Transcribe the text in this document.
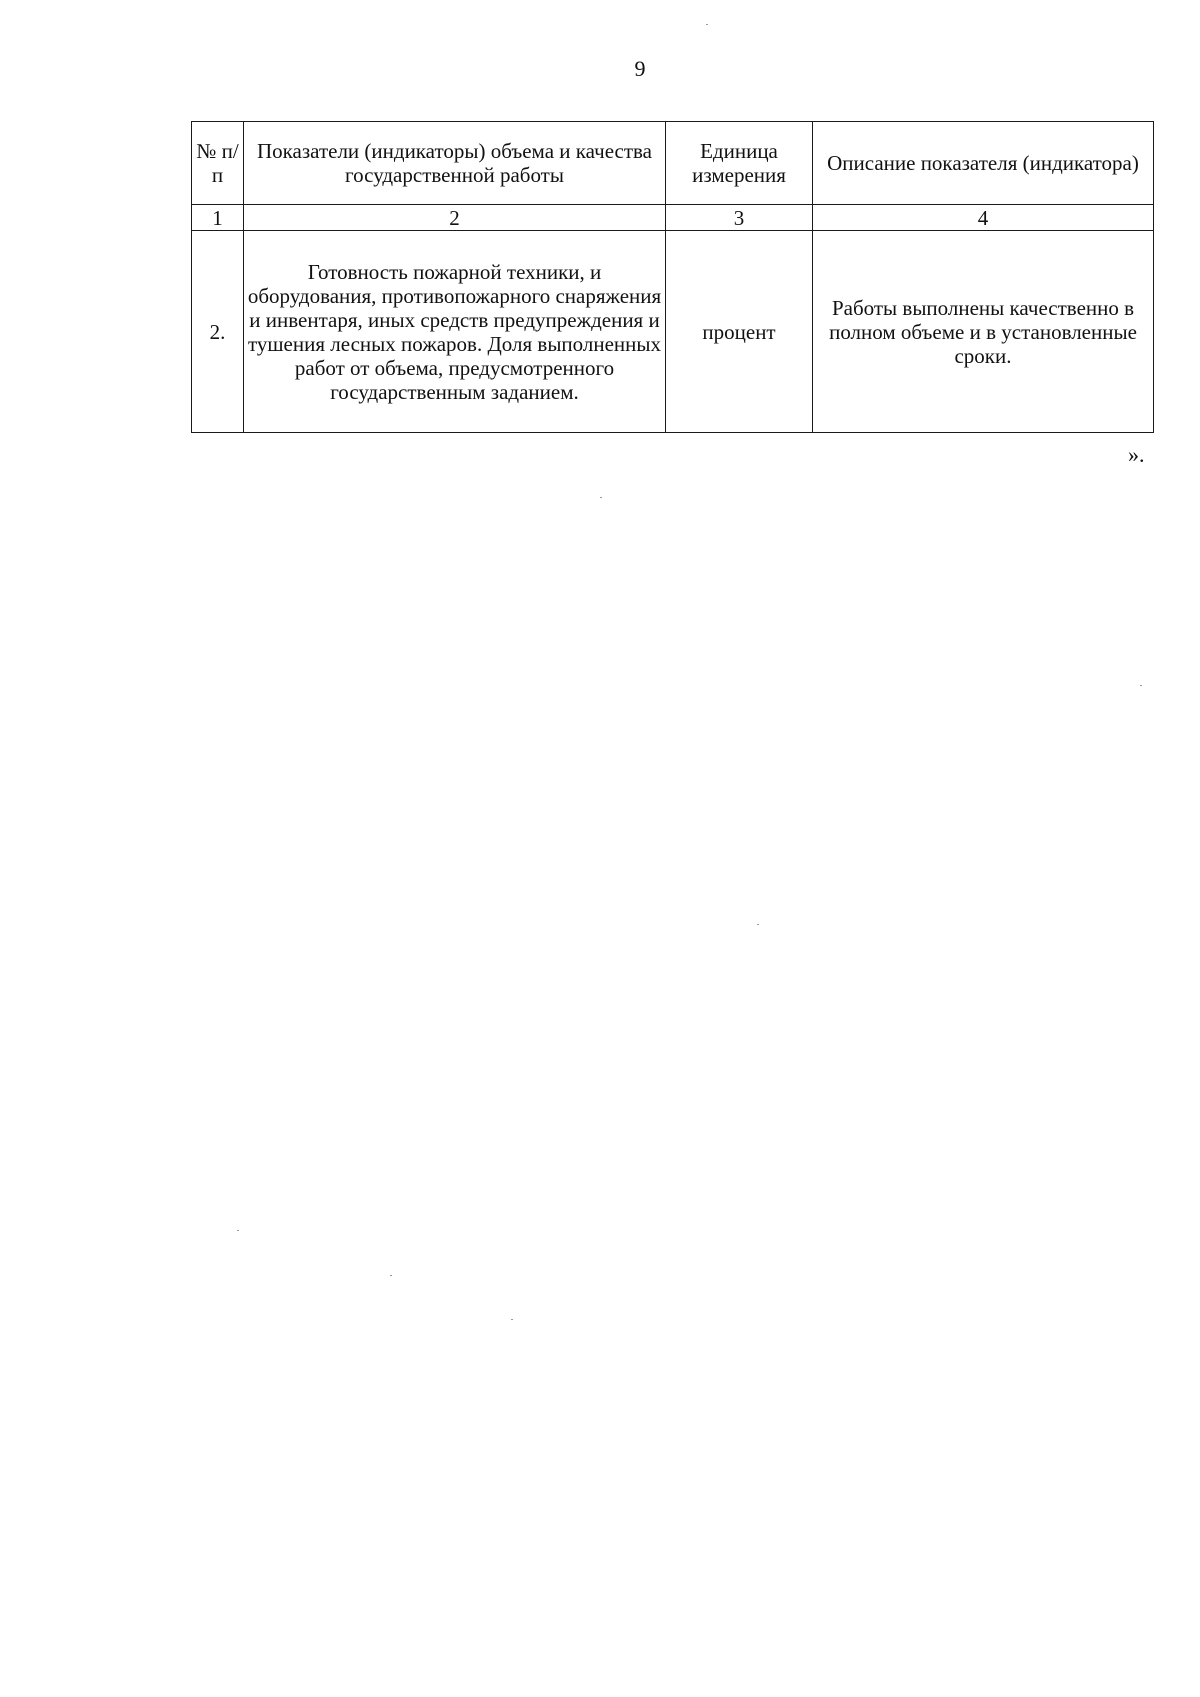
9
№ п/п	Показатели (индикаторы) объема и качества государственной работы	Единица измерения	Описание показателя (индикатора)
1	2	3	4
2.	Готовность пожарной техники, и оборудования, противопожарного снаряжения и инвентаря, иных средств предупреждения и тушения лесных пожаров. Доля выполненных работ от объема, предусмотренного государственным заданием.	процент	Работы выполнены качественно в полном объеме и в установленные сроки.
».
